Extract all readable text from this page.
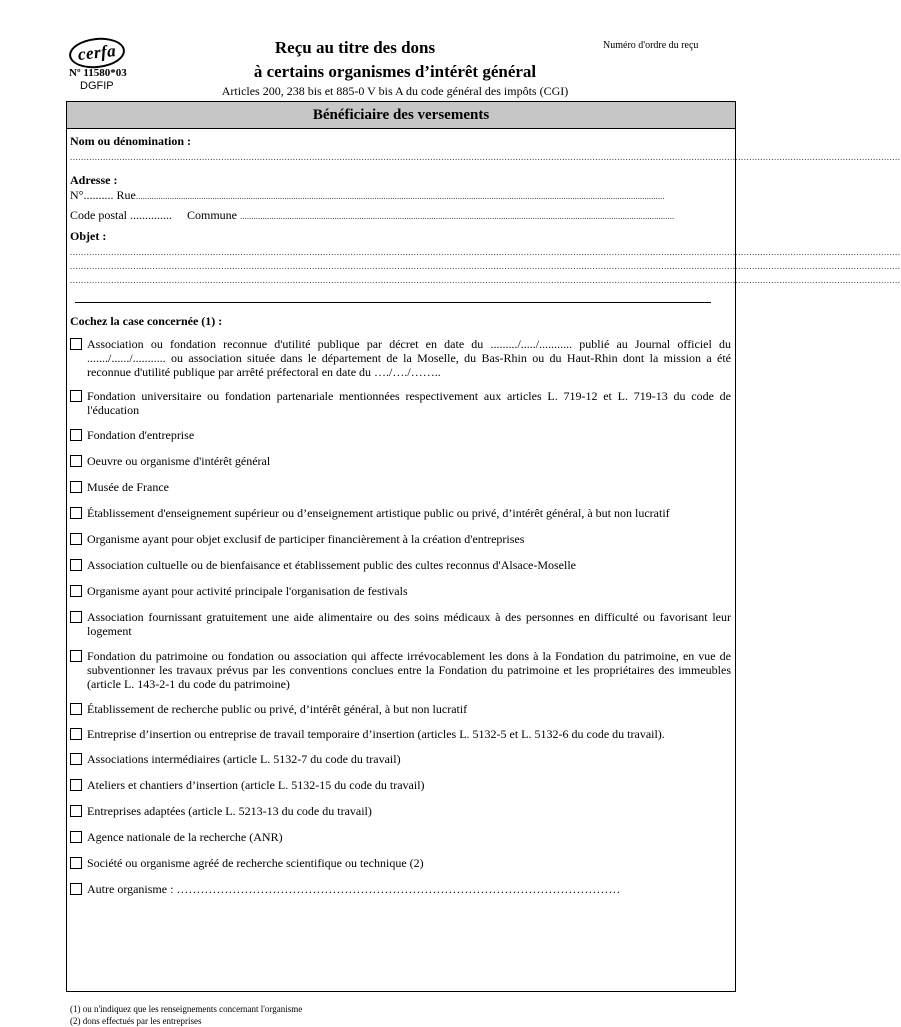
cerfa
Nº 11580*03
DGFIP
Reçu au titre des dons
à certains organismes d’intérêt général
Articles 200, 238 bis et 885-0 V bis A du code général des impôts (CGI)
Numéro d'ordre du reçu
Bénéficiaire des versements
Nom ou dénomination :
..............................................................................................................................................................................................................................................................................................................
Adresse :
N°..........
Rue ...........................................................................................................................................................................................................................................
Code postal ..............
Commune
.................................................................................................................................................................................................
Objet :
..............................................................................................................................................................................................................................................................................................................
..............................................................................................................................................................................................................................................................................................................
..............................................................................................................................................................................................................................................................................................................
Cochez la case concernée (1) :
Association ou fondation reconnue d'utilité publique par décret en date du ........./...../........... publié au Journal officiel du ......./....../........... ou association située dans le département de la Moselle, du Bas-Rhin ou du Haut-Rhin dont la mission a été reconnue d'utilité publique par arrêté préfectoral en date du …./…./……..
Fondation universitaire ou fondation partenariale mentionnées respectivement aux articles L. 719-12 et L. 719-13 du code de l'éducation
Fondation d'entreprise
Oeuvre ou organisme d'intérêt général
Musée de France
Établissement d'enseignement supérieur ou d’enseignement artistique public ou privé, d’intérêt général, à but non lucratif
Organisme ayant pour objet exclusif de participer financièrement à la création d'entreprises
Association cultuelle ou de bienfaisance et établissement public des cultes reconnus d'Alsace-Moselle
Organisme ayant pour activité principale l'organisation de festivals
Association fournissant gratuitement une aide alimentaire ou des soins médicaux à des personnes en difficulté ou favorisant leur logement
Fondation du patrimoine ou fondation ou association qui affecte irrévocablement les dons à la Fondation du patrimoine, en vue de subventionner les travaux prévus par les conventions conclues entre la Fondation du patrimoine et les propriétaires des immeubles (article L. 143-2-1 du code du patrimoine)
Établissement de recherche public ou privé, d’intérêt général, à but non lucratif
Entreprise d’insertion ou entreprise de travail temporaire d’insertion (articles L. 5132-5 et L. 5132-6 du code du travail).
Associations intermédiaires (article L. 5132-7 du code du travail)
Ateliers et chantiers d’insertion (article L. 5132-15 du code du travail)
Entreprises adaptées (article L. 5213-13 du code du travail)
Agence nationale de la recherche (ANR)
Société ou organisme agréé de recherche scientifique ou technique (2)
Autre organisme : …………………………………………………………………………………………………
(1) ou n'indiquez que les renseignements concernant l'organisme
(2) dons effectués par les entreprises
